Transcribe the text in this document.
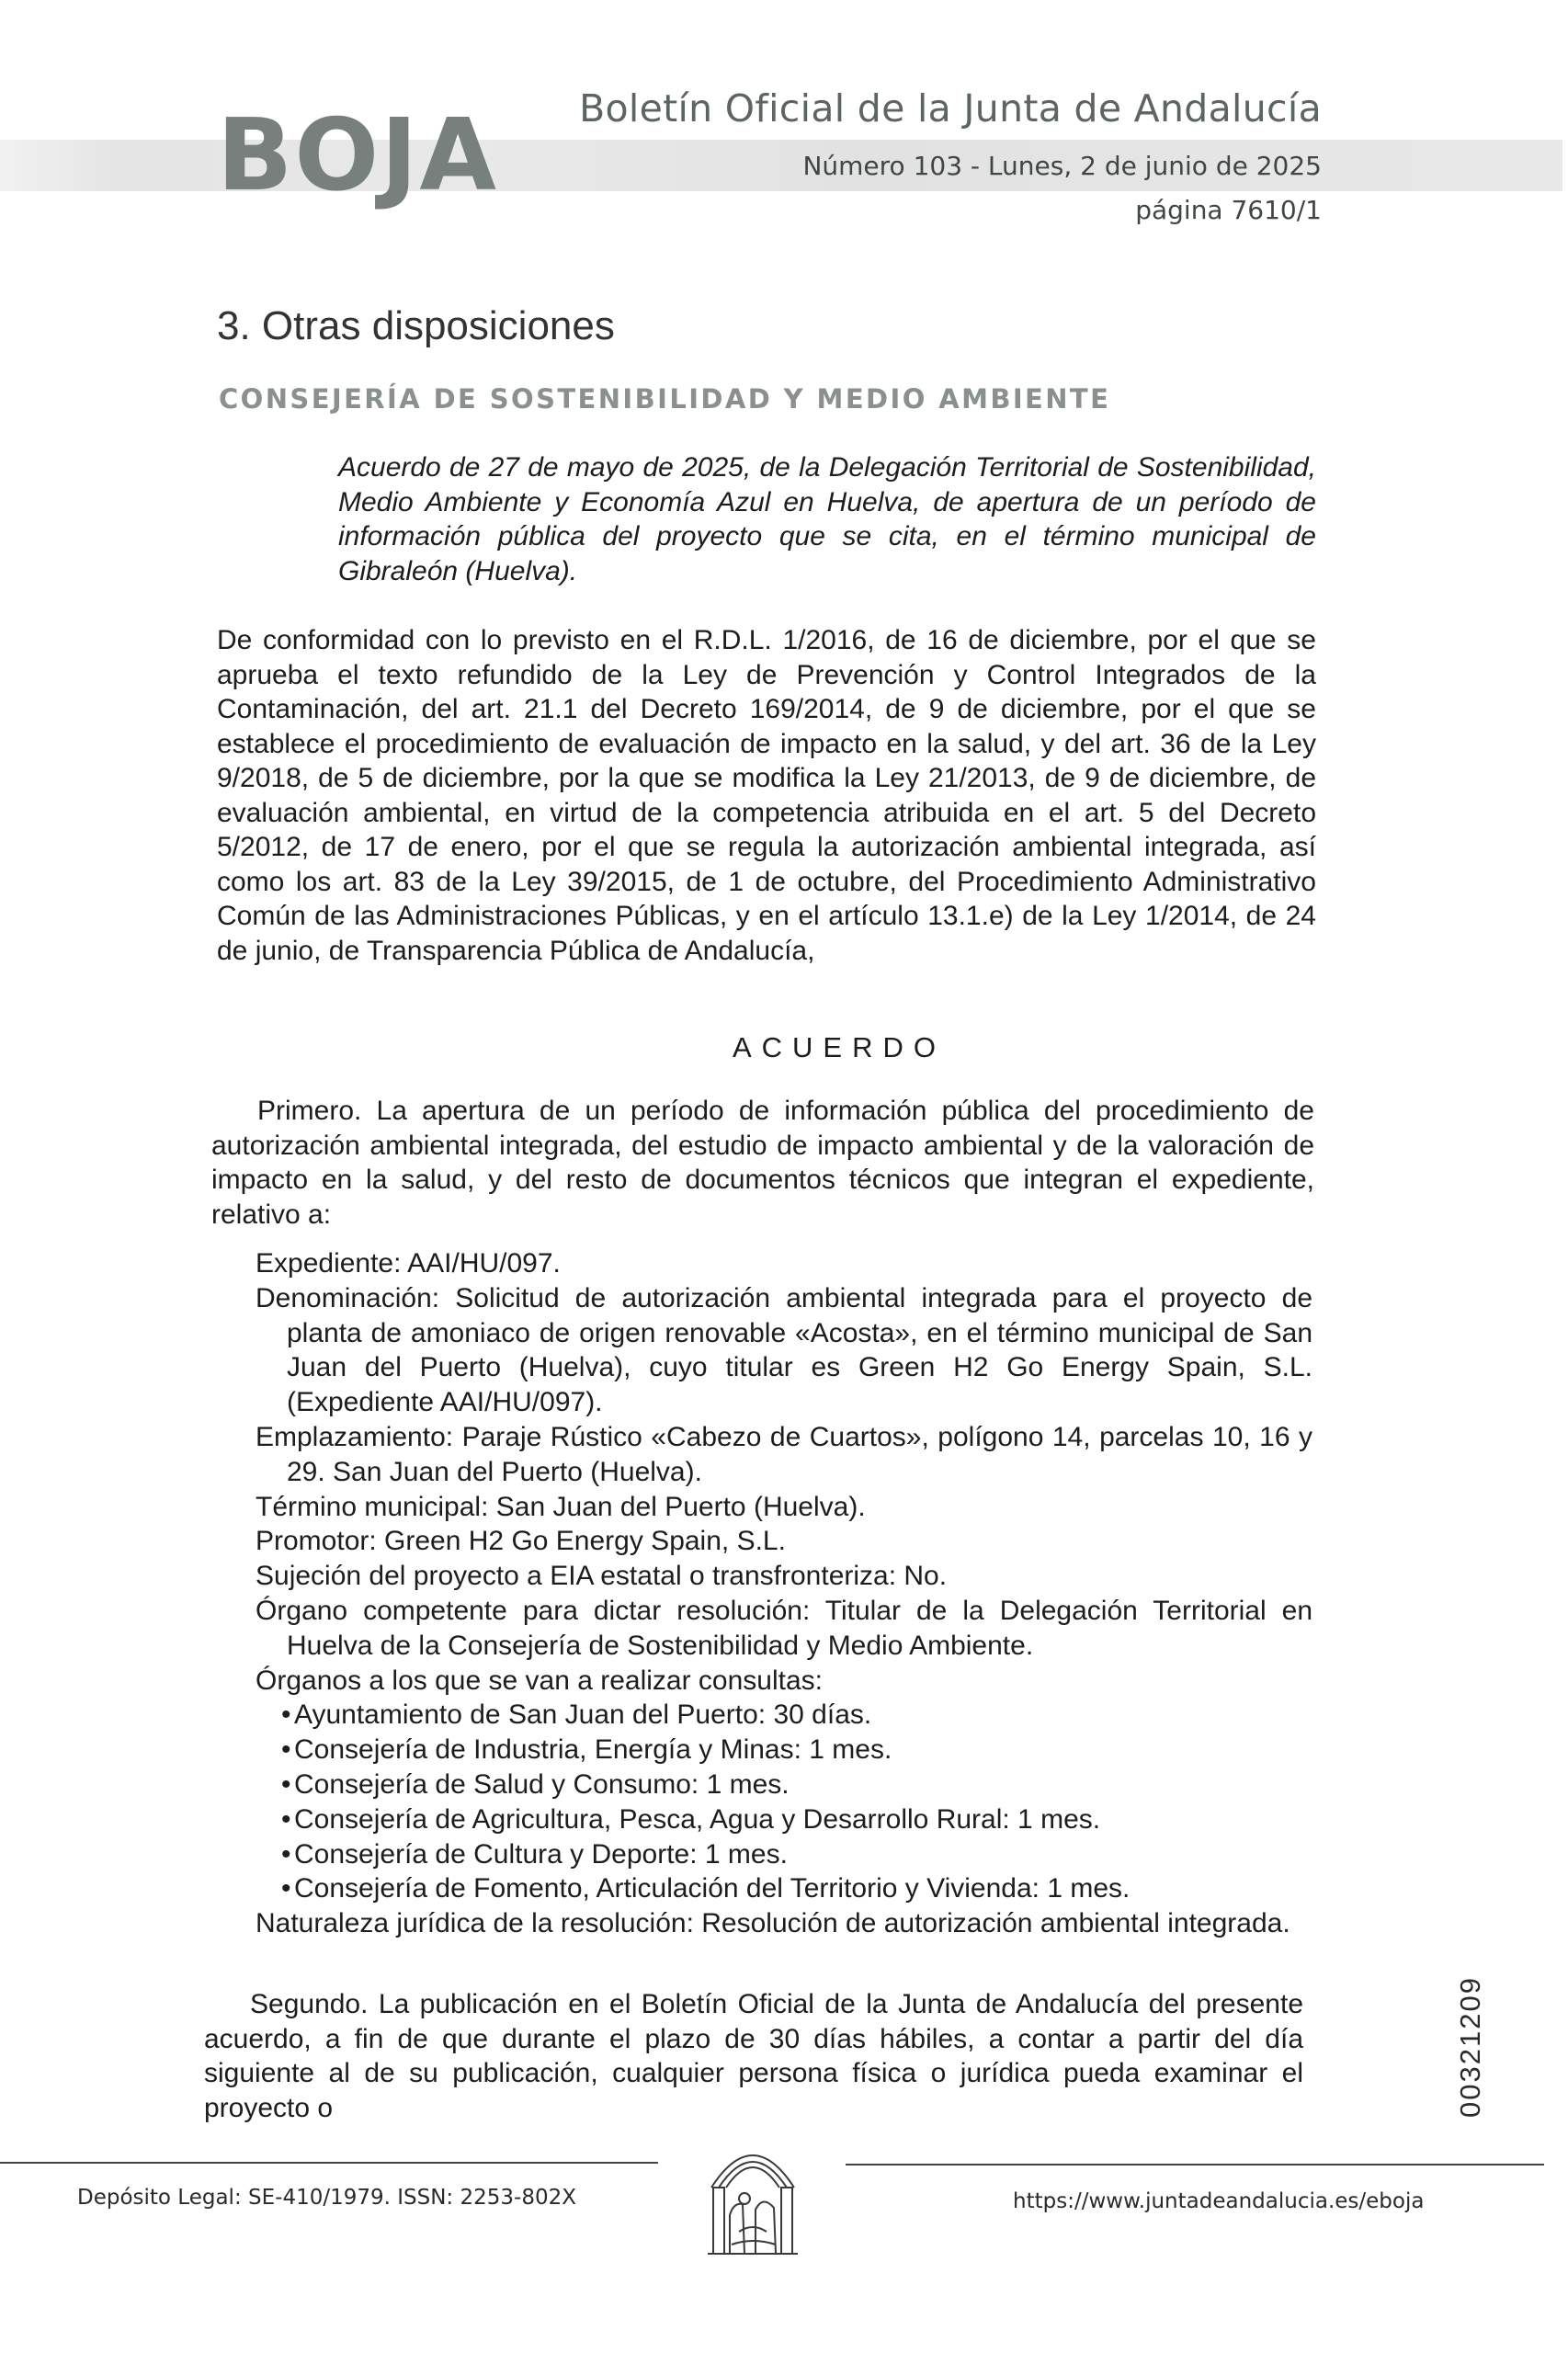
BOJA Boletín Oficial de la Junta de Andalucía
Número 103 - Lunes, 2 de junio de 2025
página 7610/1
3. Otras disposiciones
CONSEJERÍA DE SOSTENIBILIDAD Y MEDIO AMBIENTE
Acuerdo de 27 de mayo de 2025, de la Delegación Territorial de Sostenibilidad, Medio Ambiente y Economía Azul en Huelva, de apertura de un período de información pública del proyecto que se cita, en el término municipal de Gibraleón (Huelva).
De conformidad con lo previsto en el R.D.L. 1/2016, de 16 de diciembre, por el que se aprueba el texto refundido de la Ley de Prevención y Control Integrados de la Contaminación, del art. 21.1 del Decreto 169/2014, de 9 de diciembre, por el que se establece el procedimiento de evaluación de impacto en la salud, y del art. 36 de la Ley 9/2018, de 5 de diciembre, por la que se modifica la Ley 21/2013, de 9 de diciembre, de evaluación ambiental, en virtud de la competencia atribuida en el art. 5 del Decreto 5/2012, de 17 de enero, por el que se regula la autorización ambiental integrada, así como los art. 83 de la Ley 39/2015, de 1 de octubre, del Procedimiento Administrativo Común de las Administraciones Públicas, y en el artículo 13.1.e) de la Ley 1/2014, de 24 de junio, de Transparencia Pública de Andalucía,
ACUERDO
Primero. La apertura de un período de información pública del procedimiento de autorización ambiental integrada, del estudio de impacto ambiental y de la valoración de impacto en la salud, y del resto de documentos técnicos que integran el expediente, relativo a:
Expediente: AAI/HU/097.
Denominación: Solicitud de autorización ambiental integrada para el proyecto de planta de amoniaco de origen renovable «Acosta», en el término municipal de San Juan del Puerto (Huelva), cuyo titular es Green H2 Go Energy Spain, S.L. (Expediente AAI/HU/097).
Emplazamiento: Paraje Rústico «Cabezo de Cuartos», polígono 14, parcelas 10, 16 y 29. San Juan del Puerto (Huelva).
Término municipal: San Juan del Puerto (Huelva).
Promotor: Green H2 Go Energy Spain, S.L.
Sujeción del proyecto a EIA estatal o transfronteriza: No.
Órgano competente para dictar resolución: Titular de la Delegación Territorial en Huelva de la Consejería de Sostenibilidad y Medio Ambiente.
Órganos a los que se van a realizar consultas:
• Ayuntamiento de San Juan del Puerto: 30 días.
• Consejería de Industria, Energía y Minas: 1 mes.
• Consejería de Salud y Consumo: 1 mes.
• Consejería de Agricultura, Pesca, Agua y Desarrollo Rural: 1 mes.
• Consejería de Cultura y Deporte: 1 mes.
• Consejería de Fomento, Articulación del Territorio y Vivienda: 1 mes.
Naturaleza jurídica de la resolución: Resolución de autorización ambiental integrada.
Segundo. La publicación en el Boletín Oficial de la Junta de Andalucía del presente acuerdo, a fin de que durante el plazo de 30 días hábiles, a contar a partir del día siguiente al de su publicación, cualquier persona física o jurídica pueda examinar el proyecto o	00321209
Depósito Legal: SE-410/1979. ISSN: 2253-802X	https://www.juntadeandalucia.es/eboja
